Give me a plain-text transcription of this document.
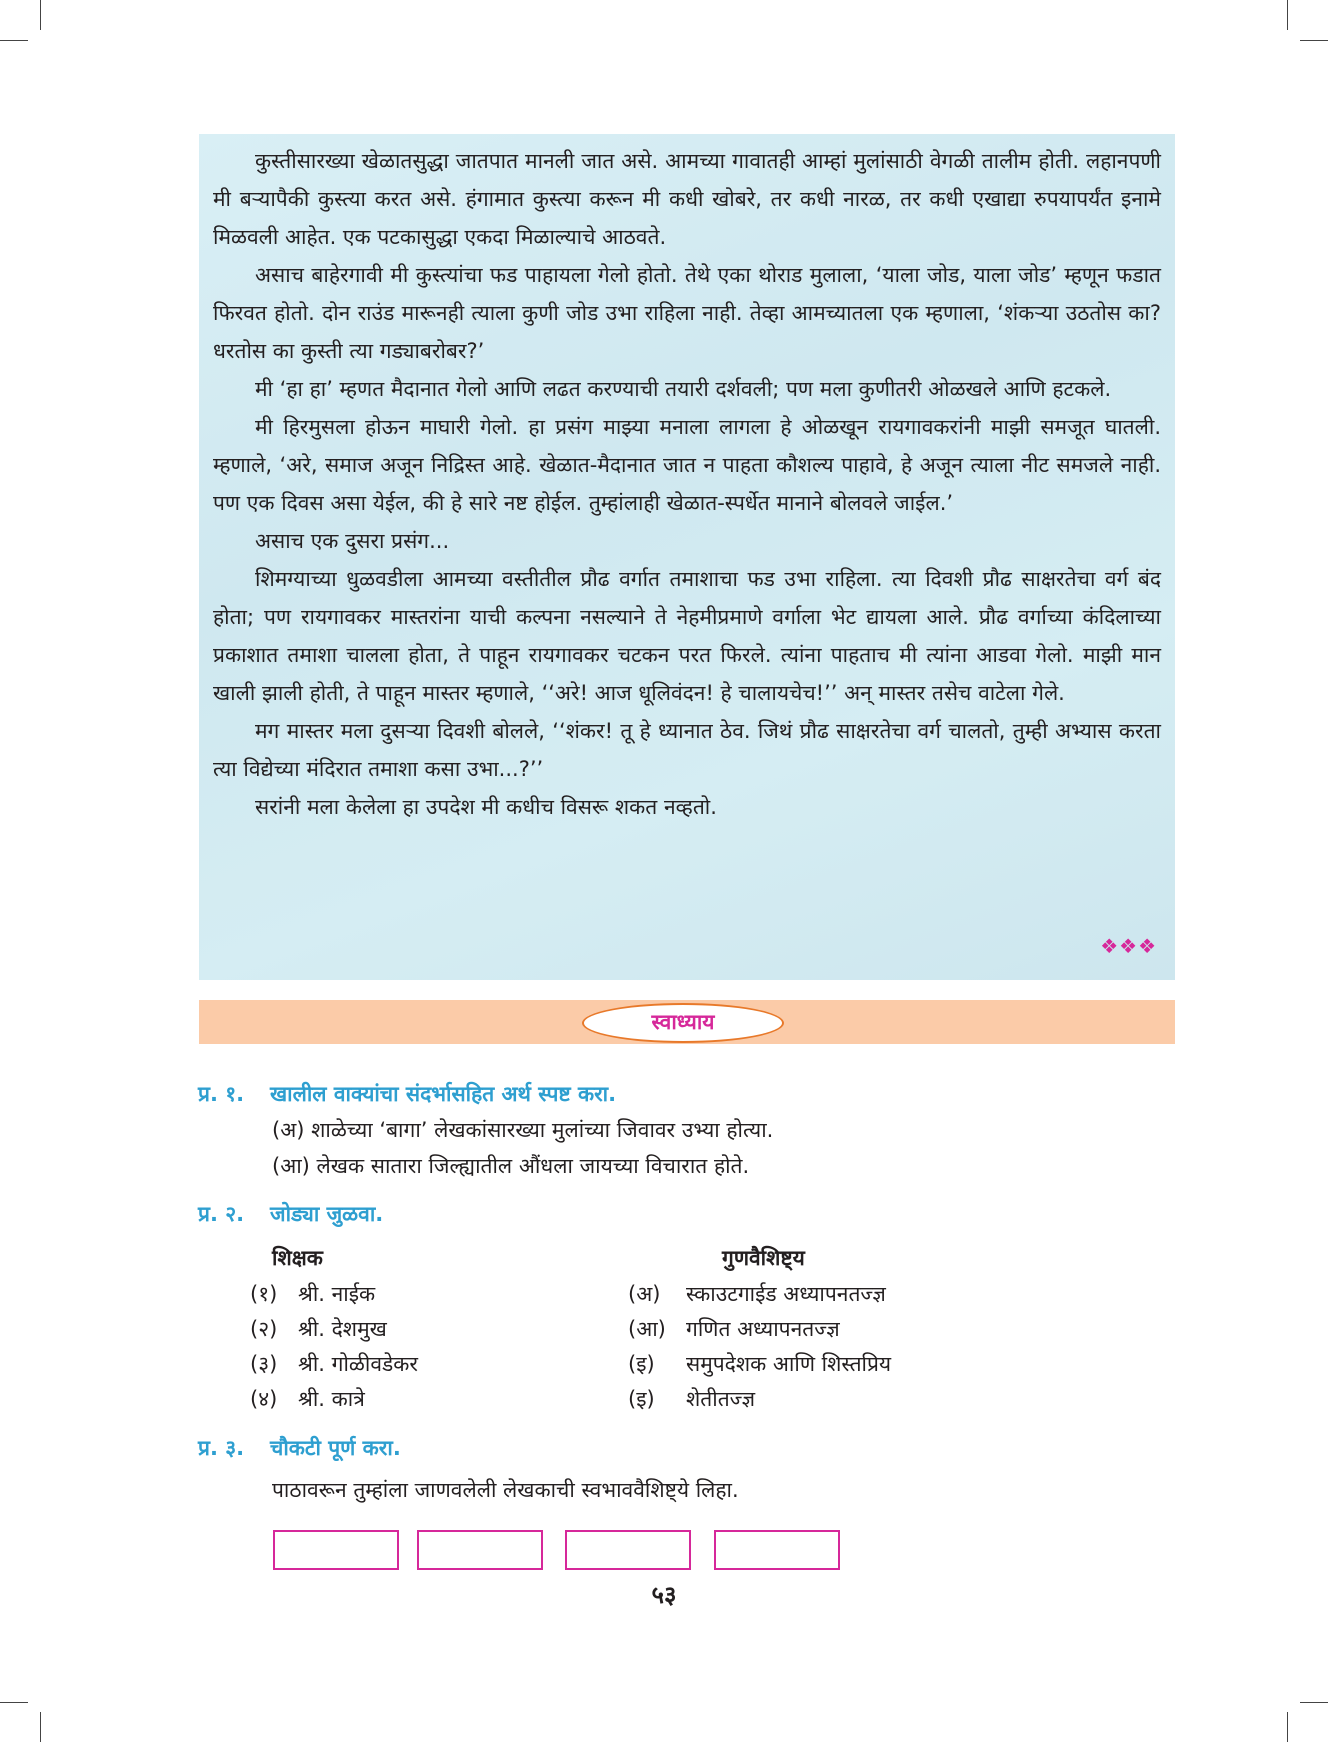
कुस्तीसारख्या खेळातसुद्धा जातपात मानली जात असे. आमच्या गावातही आम्हां मुलांसाठी वेगळी तालीम होती. लहानपणी मी बऱ्यापैकी कुस्त्या करत असे. हंगामात कुस्त्या करून मी कधी खोबरे, तर कधी नारळ, तर कधी एखाद्या रुपयापर्यंत इनामे मिळवली आहेत. एक पटकासुद्धा एकदा मिळाल्याचे आठवते.

असाच बाहेरगावी मी कुस्त्यांचा फड पाहायला गेलो होतो. तेथे एका थोराड मुलाला, ‘याला जोड, याला जोड’ म्हणून फडात फिरवत होतो. दोन राउंड मारूनही त्याला कुणी जोड उभा राहिला नाही. तेव्हा आमच्यातला एक म्हणाला, ‘शंकऱ्या उठतोस का? धरतोस का कुस्ती त्या गड्याबरोबर?’

मी ‘हा हा’ म्हणत मैदानात गेलो आणि लढत करण्याची तयारी दर्शवली; पण मला कुणीतरी ओळखले आणि हटकले.

मी हिरमुसला होऊन माघारी गेलो. हा प्रसंग माझ्या मनाला लागला हे ओळखून रायगावकरांनी माझी समजूत घातली. म्हणाले, ‘अरे, समाज अजून निद्रिस्त आहे. खेळात-मैदानात जात न पाहता कौशल्य पाहावे, हे अजून त्याला नीट समजले नाही. पण एक दिवस असा येईल, की हे सारे नष्ट होईल. तुम्हांलाही खेळात-स्पर्धेत मानाने बोलवले जाईल.’

असाच एक दुसरा प्रसंग...

शिमग्याच्या धुळवडीला आमच्या वस्तीतील प्रौढ वर्गात तमाशाचा फड उभा राहिला. त्या दिवशी प्रौढ साक्षरतेचा वर्ग बंद होता; पण रायगावकर मास्तरांना याची कल्पना नसल्याने ते नेहमीप्रमाणे वर्गाला भेट द्यायला आले. प्रौढ वर्गाच्या कंदिलाच्या प्रकाशात तमाशा चालला होता, ते पाहून रायगावकर चटकन परत फिरले. त्यांना पाहताच मी त्यांना आडवा गेलो. माझी मान खाली झाली होती, ते पाहून मास्तर म्हणाले, ‘‘अरे! आज धूलिवंदन! हे चालायचेच!’’ अन् मास्तर तसेच वाटेला गेले.

मग मास्तर मला दुसऱ्या दिवशी बोलले, ‘‘शंकर! तू हे ध्यानात ठेव. जिथं प्रौढ साक्षरतेचा वर्ग चालतो, तुम्ही अभ्यास करता त्या विद्येच्या मंदिरात तमाशा कसा उभा...?’’

सरांनी मला केलेला हा उपदेश मी कधीच विसरू शकत नव्हतो.

❖❖❖
स्वाध्याय
प्र. १. खालील वाक्यांचा संदर्भासहित अर्थ स्पष्ट करा.
(अ) शाळेच्या ‘बागा’ लेखकांसारख्या मुलांच्या जिवावर उभ्या होत्या.
(आ) लेखक सातारा जिल्ह्यातील औंधला जायच्या विचारात होते.
प्र. २. जोड्या जुळवा.
शिक्षक	गुणवैशिष्ट्य
(१) श्री. नाईक
(२) श्री. देशमुख
(३) श्री. गोळीवडेकर
(४) श्री. कात्रे
(अ) स्काउटगाईड अध्यापनतज्ज्ञ
(आ) गणित अध्यापनतज्ज्ञ
(इ) समुपदेशक आणि शिस्तप्रिय
(इ) शेतीतज्ज्ञ
प्र. ३. चौकटी पूर्ण करा.
पाठावरून तुम्हांला जाणवलेली लेखकाची स्वभाववैशिष्ट्ये लिहा.
५३
